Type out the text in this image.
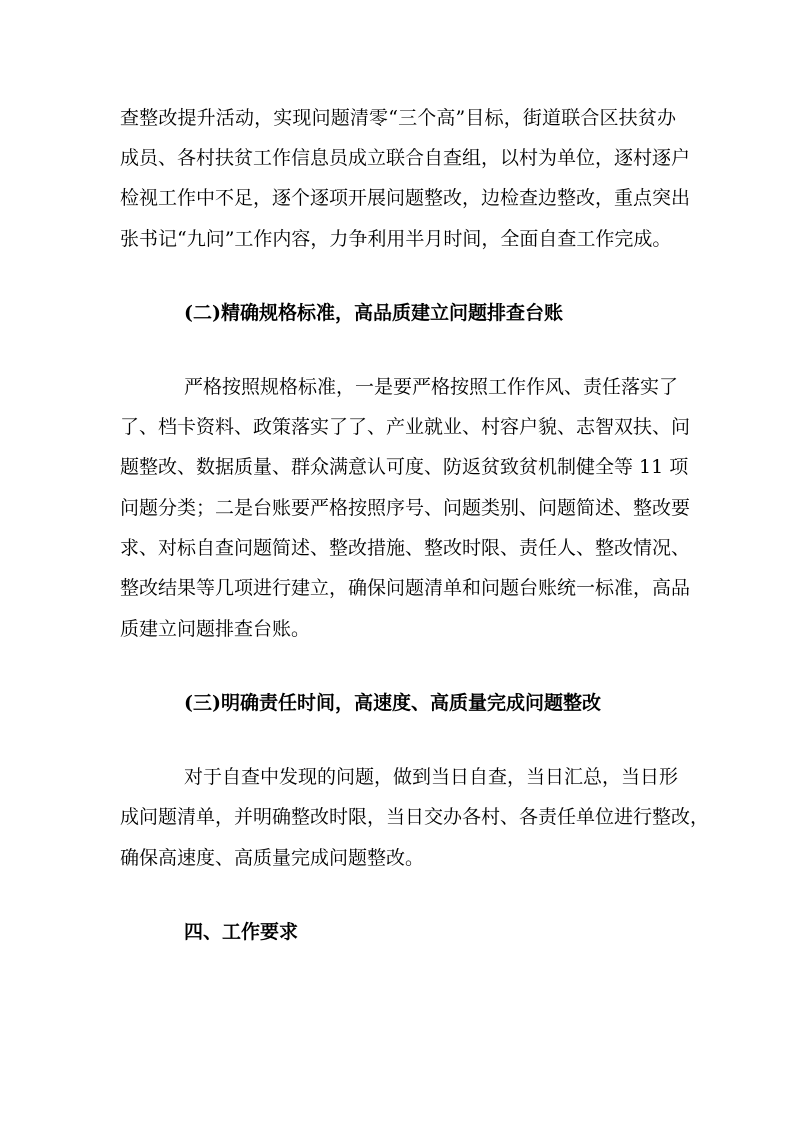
查整改提升活动，实现问题清零“三个高”目标，街道联合区扶贫办
成员、各村扶贫工作信息员成立联合自查组，以村为单位，逐村逐户
检视工作中不足，逐个逐项开展问题整改，边检查边整改，重点突出
张书记“九问”工作内容，力争利用半月时间，全面自查工作完成。
(二)精确规格标准，高品质建立问题排查台账
严格按照规格标准，一是要严格按照工作作风、责任落实了
了、档卡资料、政策落实了了、产业就业、村容户貌、志智双扶、问
题整改、数据质量、群众满意认可度、防返贫致贫机制健全等 11 项
问题分类；二是台账要严格按照序号、问题类别、问题简述、整改要
求、对标自查问题简述、整改措施、整改时限、责任人、整改情况、
整改结果等几项进行建立，确保问题清单和问题台账统一标准，高品
质建立问题排查台账。
(三)明确责任时间，高速度、高质量完成问题整改
对于自查中发现的问题，做到当日自查，当日汇总，当日形
成问题清单，并明确整改时限，当日交办各村、各责任单位进行整改，
确保高速度、高质量完成问题整改。
四、工作要求
